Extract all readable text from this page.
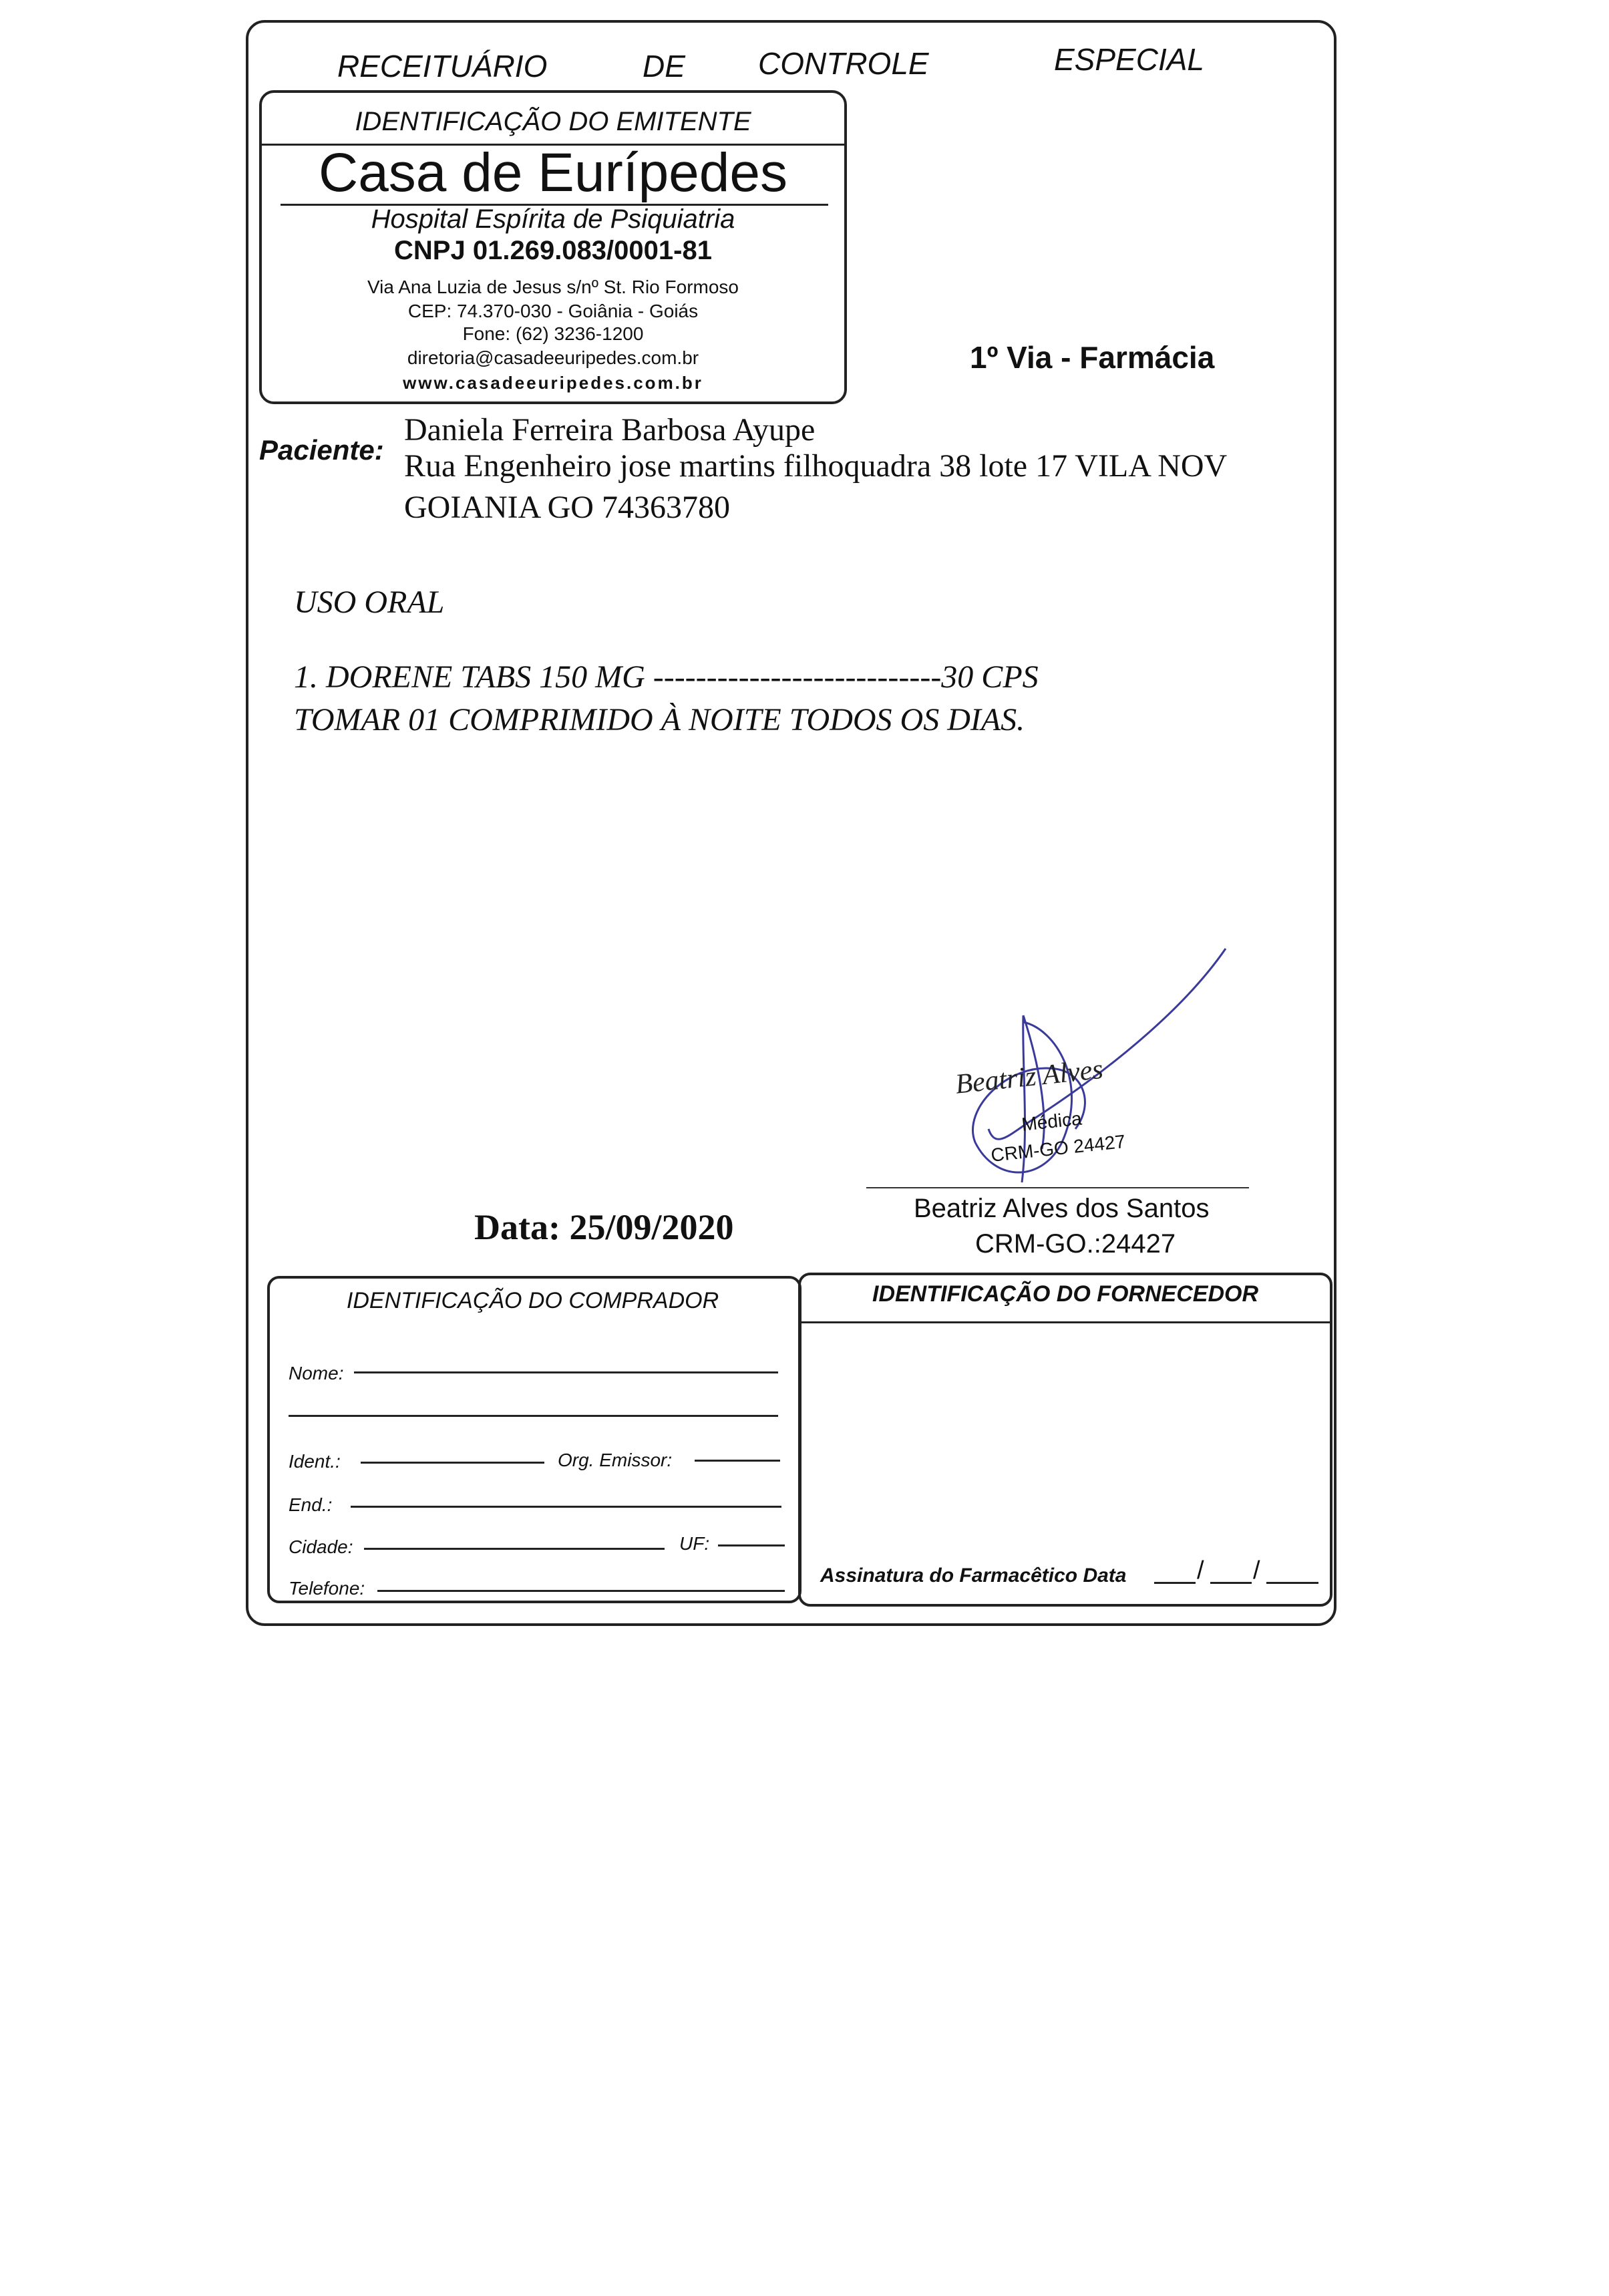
RECEITUÁRIO	DE CONTROLE	ESPECIAL
IDENTIFICAÇÃO DO EMITENTE
Casa de Eurípedes
Hospital Espírita de Psiquiatria
CNPJ 01.269.083/0001-81
Via Ana Luzia de Jesus s/nº St. Rio Formoso
CEP: 74.370-030 - Goiânia - Goiás
Fone: (62) 3236-1200
diretoria@casadeeuripedes.com.br
www.casadeeuripedes.com.br
1º Via - Farmácia
Paciente:
Daniela Ferreira Barbosa Ayupe
Rua Engenheiro jose martins filhoquadra 38 lote 17 VILA NOV
GOIANIA GO 74363780
USO ORAL
1. DORENE TABS 150 MG ---------------------------30 CPS
TOMAR 01 COMPRIMIDO À NOITE TODOS OS DIAS.
Beatriz Alves
Médica
CRM-GO 24427
Beatriz Alves dos Santos
CRM-GO.:24427
Data: 25/09/2020
IDENTIFICAÇÃO DO COMPRADOR
Nome:
Ident.:	Org. Emissor:
End.:
Cidade:	UF:
Telefone:
IDENTIFICAÇÃO DO FORNECEDOR
Assinatura do Farmacêtico Data	/ /
